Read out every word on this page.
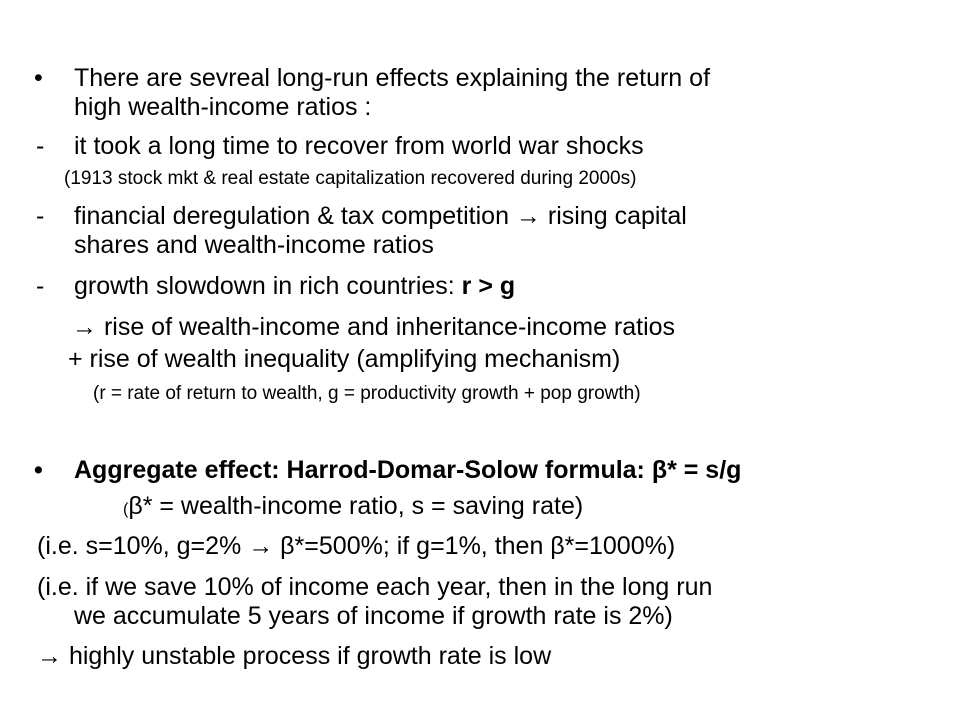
• There are sevreal long-run effects explaining the return of
high wealth-income ratios :
- it took a long time to recover from world war shocks
(1913 stock mkt & real estate capitalization recovered during 2000s)
- financial deregulation & tax competition → rising capital
shares and wealth-income ratios
- growth slowdown in rich countries: r > g
→ rise of wealth-income and inheritance-income ratios
+ rise of wealth inequality (amplifying mechanism)
(r = rate of return to wealth, g = productivity growth + pop growth)
• Aggregate effect: Harrod-Domar-Solow formula: β* = s/g
(β* = wealth-income ratio, s = saving rate)
(i.e. s=10%, g=2% → β*=500%; if g=1%, then β*=1000%)
(i.e. if we save 10% of income each year, then in the long run
we accumulate 5 years of income if growth rate is 2%)
→ highly unstable process if growth rate is low
